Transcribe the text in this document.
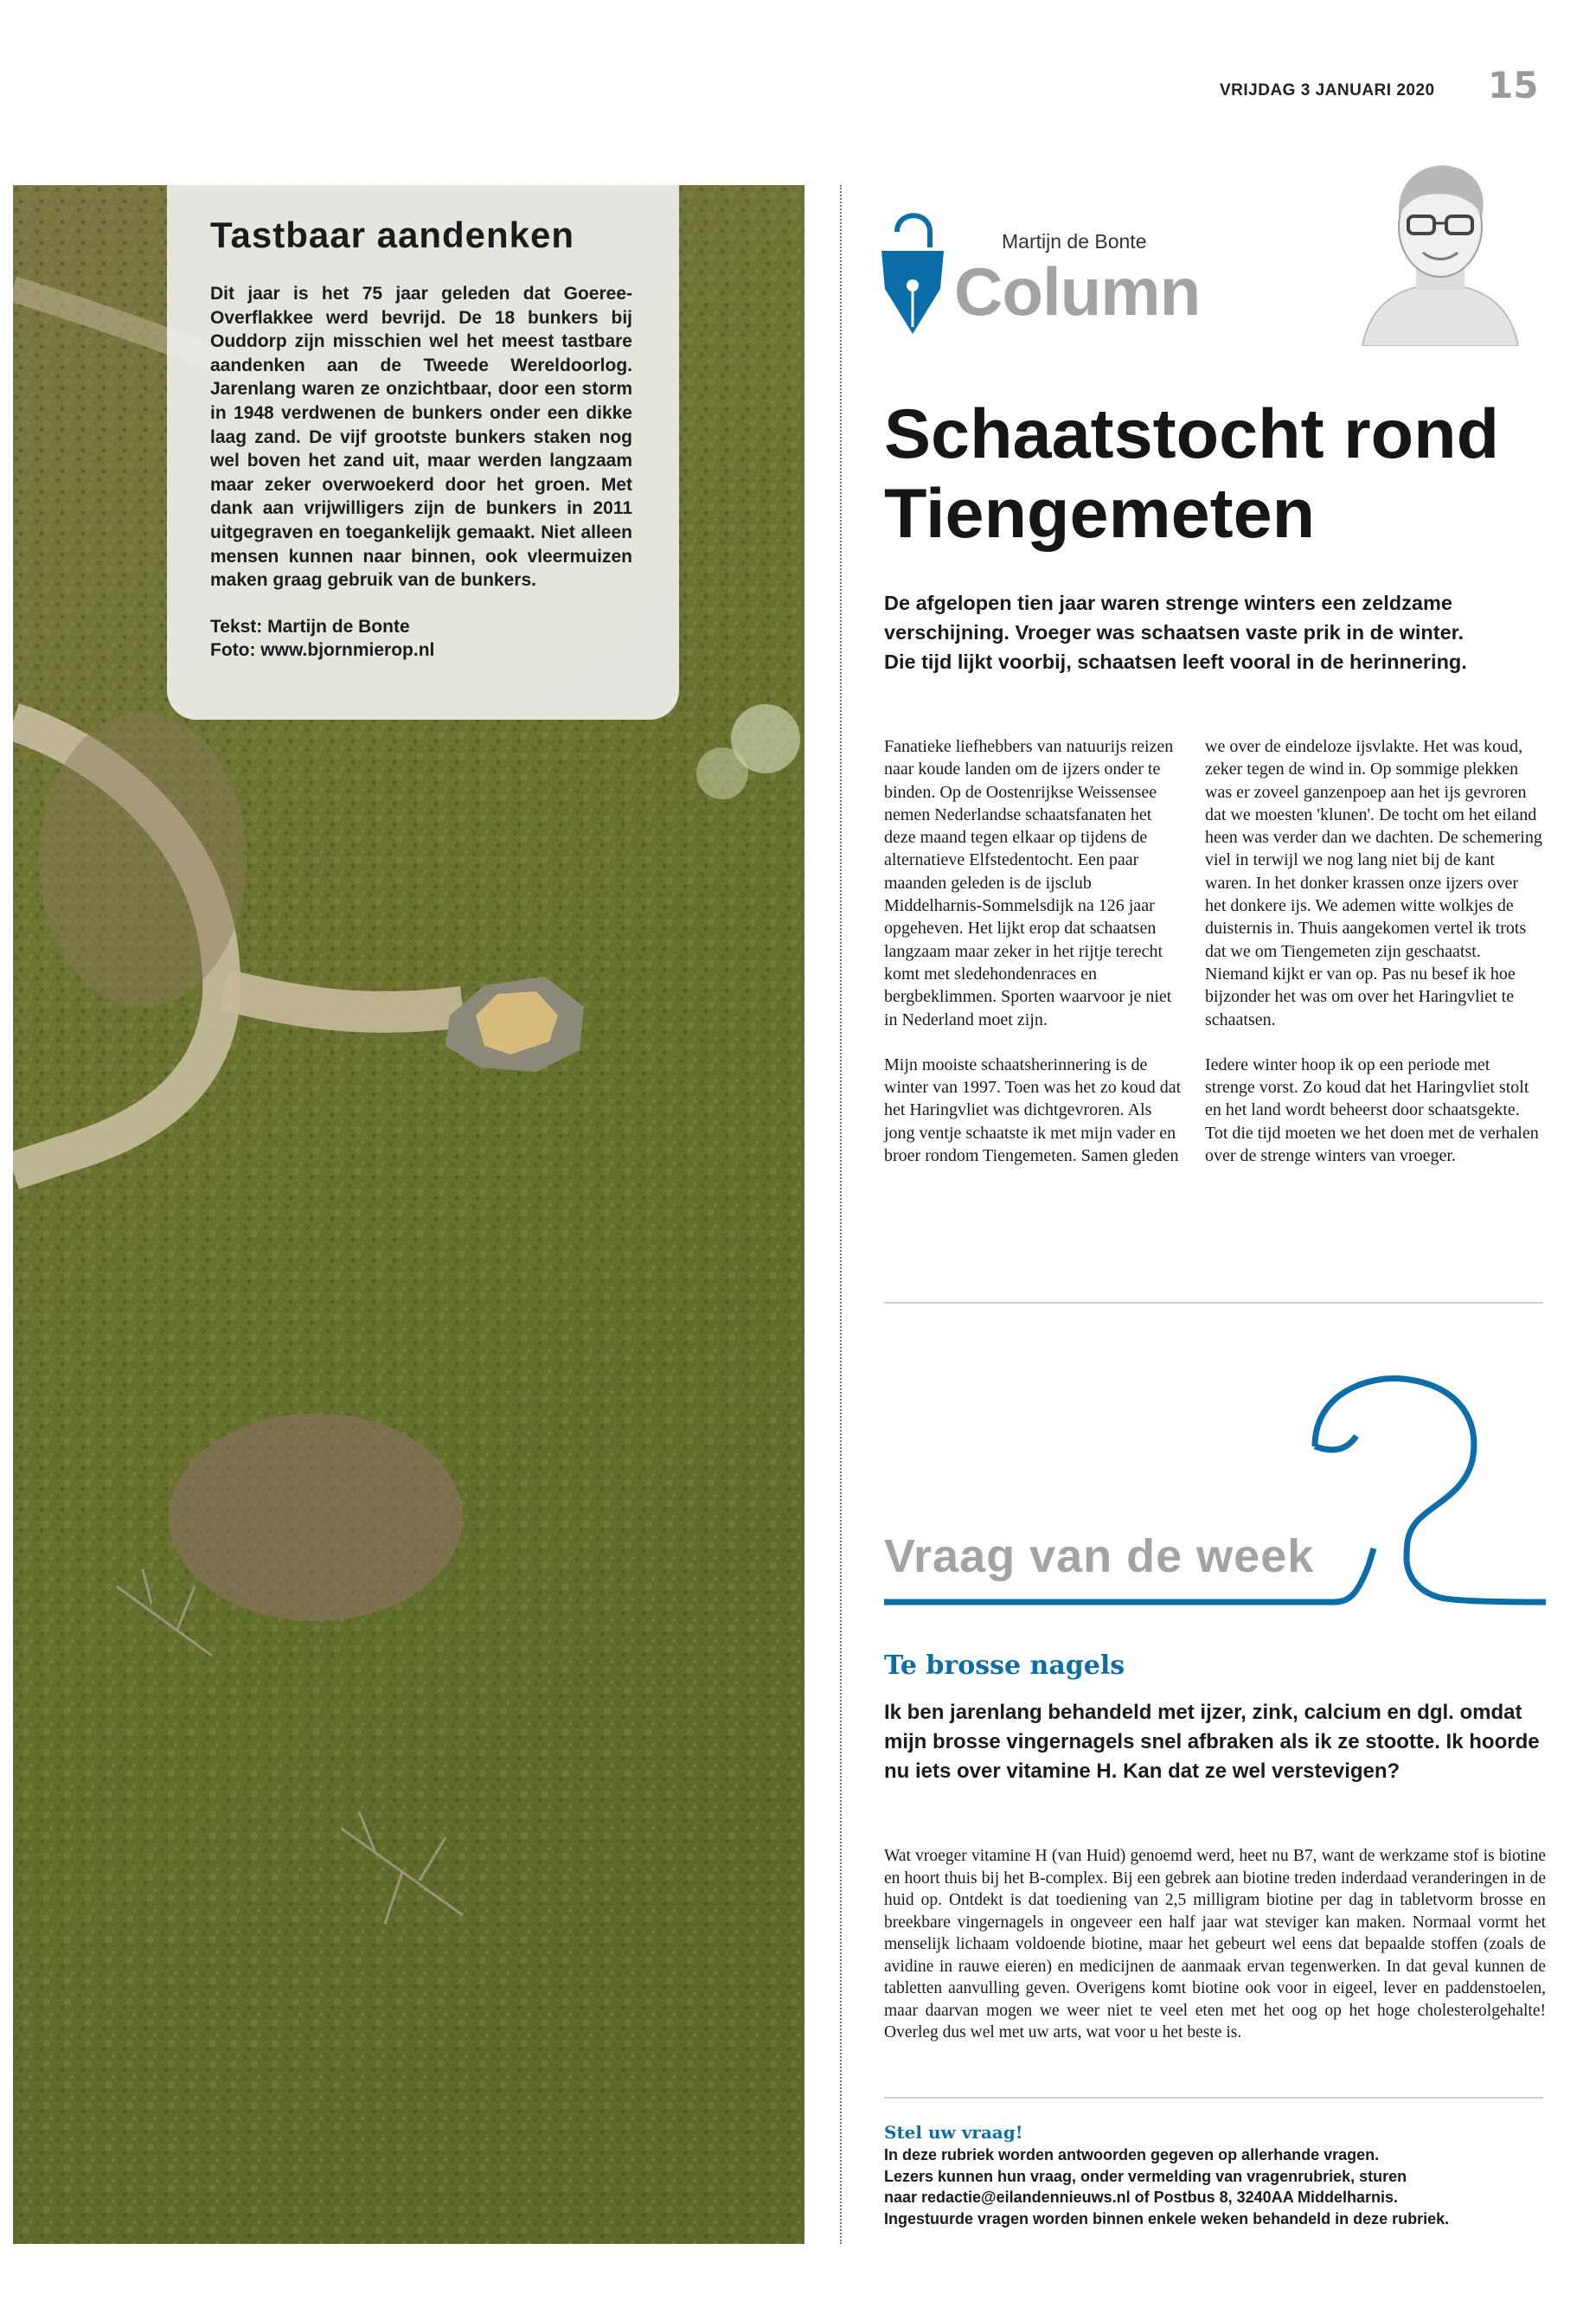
VRIJDAG 3 JANUARI 2020 15
Tastbaar aandenken

Dit jaar is het 75 jaar geleden dat Goeree-Overflakkee werd bevrijd. De 18 bunkers bij Ouddorp zijn misschien wel het meest tastbare aandenken aan de Tweede Wereldoorlog. Jarenlang waren ze onzichtbaar, door een storm in 1948 verdwenen de bunkers onder een dikke laag zand. De vijf grootste bunkers staken nog wel boven het zand uit, maar werden langzaam maar zeker overwoekerd door het groen. Met dank aan vrijwilligers zijn de bunkers in 2011 uitgegraven en toegankelijk gemaakt. Niet alleen mensen kunnen naar binnen, ook vleermuizen maken graag gebruik van de bunkers.

Tekst: Martijn de Bonte
Foto: www.bjornmierop.nl
Martijn de Bonte
Column
Schaatstocht rond
Tiengemeten

De afgelopen tien jaar waren strenge winters een zeldzame verschijning. Vroeger was schaatsen vaste prik in de winter. Die tijd lijkt voorbij, schaatsen leeft vooral in de herinnering.

Fanatieke liefhebbers van natuurijs reizen naar koude landen om de ijzers onder te binden. Op de Oostenrijkse Weissensee nemen Nederlandse schaatsfanaten het deze maand tegen elkaar op tijdens de alternatieve Elfstedentocht. Een paar maanden geleden is de ijsclub Middelharnis-Sommelsdijk na 126 jaar opgeheven. Het lijkt erop dat schaatsen langzaam maar zeker in het rijtje terecht komt met sledehondenraces en bergbeklimmen. Sporten waarvoor je niet in Nederland moet zijn.

Mijn mooiste schaatsherinnering is de winter van 1997. Toen was het zo koud dat het Haringvliet was dichtgevroren. Als jong ventje schaatste ik met mijn vader en broer rondom Tiengemeten. Samen gleden

we over de eindeloze ijsvlakte. Het was koud, zeker tegen de wind in. Op sommige plekken was er zoveel ganzenpoep aan het ijs gevroren dat we moesten 'klunen'. De tocht om het eiland heen was verder dan we dachten. De schemering viel in terwijl we nog lang niet bij de kant waren. In het donker krassen onze ijzers over het donkere ijs. We ademen witte wolkjes de duisternis in. Thuis aangekomen vertel ik trots dat we om Tiengemeten zijn geschaatst. Niemand kijkt er van op. Pas nu besef ik hoe bijzonder het was om over het Haringvliet te schaatsen.

Iedere winter hoop ik op een periode met strenge vorst. Zo koud dat het Haringvliet stolt en het land wordt beheerst door schaatsgekte. Tot die tijd moeten we het doen met de verhalen over de strenge winters van vroeger.

Vraag van de week
Te brosse nagels

Ik ben jarenlang behandeld met ijzer, zink, calcium en dgl. omdat mijn brosse vingernagels snel afbraken als ik ze stootte. Ik hoorde nu iets over vitamine H. Kan dat ze wel verstevigen?

Wat vroeger vitamine H (van Huid) genoemd werd, heet nu B7, want de werkzame stof is biotine en hoort thuis bij het B-complex. Bij een gebrek aan biotine treden inderdaad veranderingen in de huid op. Ontdekt is dat toediening van 2,5 milligram biotine per dag in tabletvorm brosse en breekbare vingernagels in ongeveer een half jaar wat steviger kan maken. Normaal vormt het menselijk lichaam voldoende biotine, maar het gebeurt wel eens dat bepaalde stoffen (zoals de avidine in rauwe eieren) en medicijnen de aanmaak ervan tegenwerken. In dat geval kunnen de tabletten aanvulling geven. Overigens komt biotine ook voor in eigeel, lever en paddenstoelen, maar daarvan mogen we weer niet te veel eten met het oog op het hoge cholesterolgehalte! Overleg dus wel met uw arts, wat voor u het beste is.

Stel uw vraag!

In deze rubriek worden antwoorden gegeven op allerhande vragen.
Lezers kunnen hun vraag, onder vermelding van vragenrubriek, sturen
naar redactie@eilandennieuws.nl of Postbus 8, 3240AA Middelharnis.
Ingestuurde vragen worden binnen enkele weken behandeld in deze rubriek.
